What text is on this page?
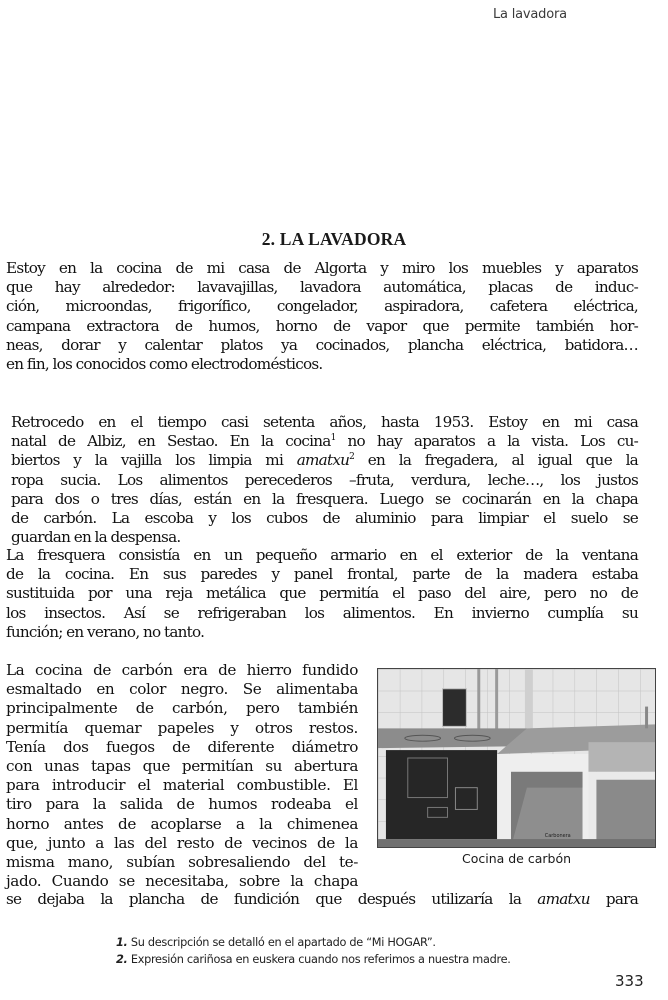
La lavadora
2. LA LAVADORA
Estoy en la cocina de mi casa de Algorta y miro los muebles y aparatos
que hay alrededor: lavavajillas, lavadora automática, placas de induc-
ción, microondas, frigorífico, congelador, aspiradora, cafetera eléctrica,
campana extractora de humos, horno de vapor que permite también hor-
neas, dorar y calentar platos ya cocinados, plancha eléctrica, batidora…
en fin, los conocidos como electrodomésticos.
Retrocedo en el tiempo casi setenta años, hasta 1953. Estoy en mi casa
natal de Albiz, en Sestao. En la cocina$^1$ no hay aparatos a la vista. Los cu-
biertos y la vajilla los limpia mi amatxu$^2$ en la fregadera, al igual que la
ropa sucia. Los alimentos perecederos –fruta, verdura, leche…, los justos
para dos o tres días, están en la fresquera. Luego se cocinarán en la chapa
de carbón. La escoba y los cubos de aluminio para limpiar el suelo se
guardan en la despensa.
La fresquera consistía en un pequeño armario en el exterior de la ventana
de la cocina. En sus paredes y panel frontal, parte de la madera estaba
sustituida por una reja metálica que permitía el paso del aire, pero no de
los insectos. Así se refrigeraban los alimentos. En invierno cumplía su
función; en verano, no tanto.
La cocina de carbón era de hierro fundido
esmaltado en color negro. Se alimentaba
principalmente de carbón, pero también
permitía quemar papeles y otros restos.
Tenía dos fuegos de diferente diámetro
con unas tapas que permitían su abertura
para introducir el material combustible. El
tiro para la salida de humos rodeaba el
horno antes de acoplarse a la chimenea
que, junto a las del resto de vecinos de la
misma mano, subían sobresaliendo del te-
jado. Cuando se necesitaba, sobre la chapa
Carbonera
Cocina de carbón
se dejaba la plancha de fundición que después utilizaría la amatxu para
1. Su descripción se detalló en el apartado de “Mi HOGAR”.
2. Expresión cariñosa en euskera cuando nos referimos a nuestra madre.
333
